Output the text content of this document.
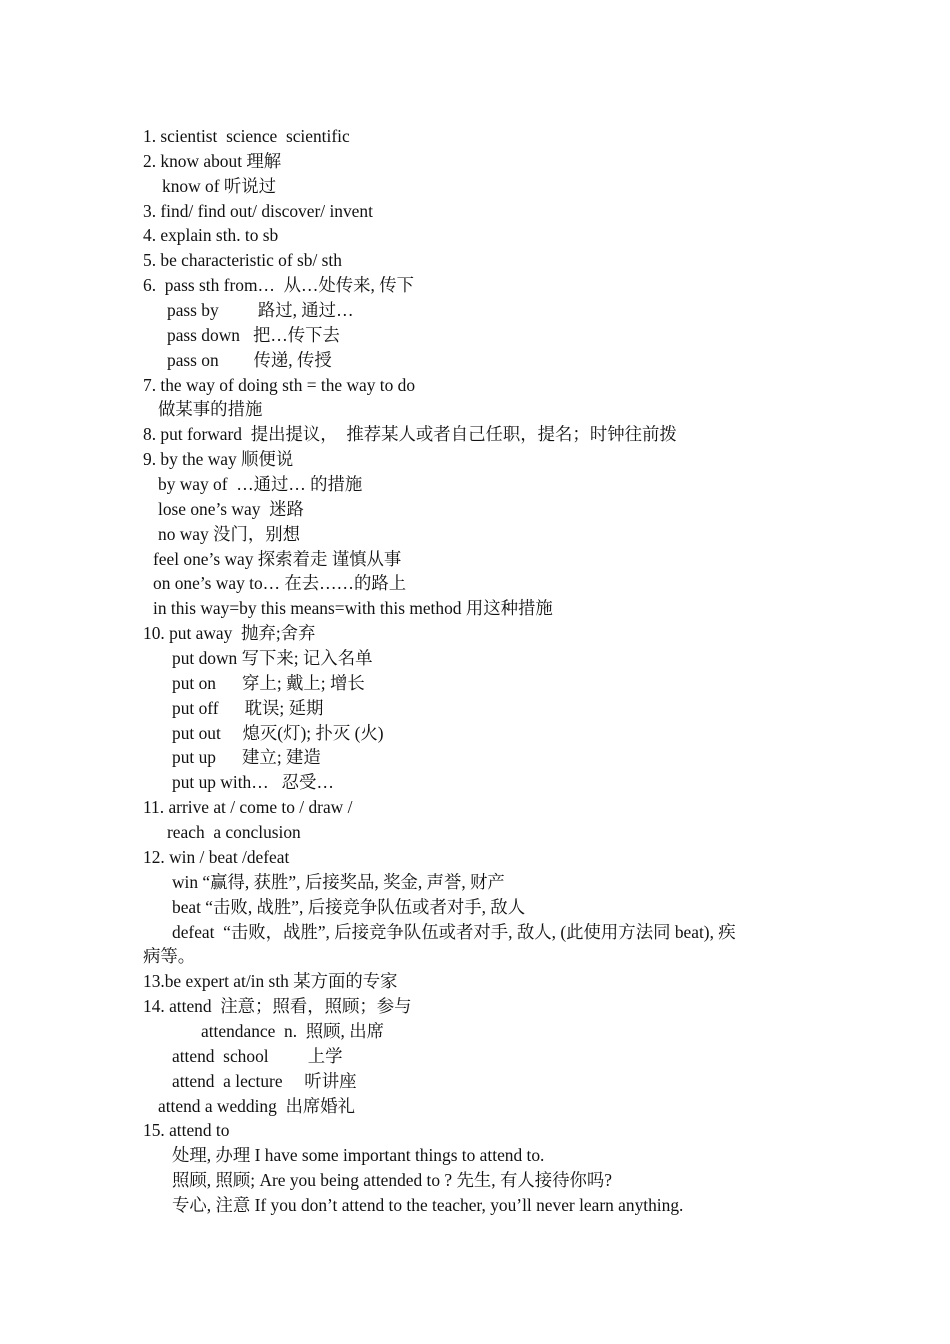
1. scientist  science  scientific
2. know about 理解
know of 听说过
3. find/ find out/ discover/ invent
4. explain sth. to sb
5. be characteristic of sb/ sth
6.  pass sth from…  从…处传来, 传下
pass by         路过, 通过…
pass down   把…传下去
pass on        传递, 传授
7. the way of doing sth = the way to do
做某事的措施
8. put forward  提出提议，  推荐某人或者自己任职，提名；时钟往前拨
9. by the way 顺便说
by way of  …通过… 的措施
lose one’s way  迷路
no way 没门，别想
feel one’s way 探索着走 谨慎从事
on one’s way to… 在去……的路上
in this way=by this means=with this method 用这种措施
10. put away  抛弃;舍弃
put down 写下来; 记入名单
put on      穿上; 戴上; 增长
put off      耽误; 延期
put out     熄灭(灯); 扑灭 (火)
put up      建立; 建造
put up with…   忍受…
11. arrive at / come to / draw /
reach  a conclusion
12. win / beat /defeat
win “赢得, 获胜”, 后接奖品, 奖金, 声誉, 财产
beat “击败, 战胜”, 后接竞争队伍或者对手, 敌人
defeat  “击败，战胜”, 后接竞争队伍或者对手, 敌人, (此使用方法同 beat), 疾
病等。
13.be expert at/in sth 某方面的专家
14. attend  注意；照看，照顾；参与
attendance  n.  照顾, 出席
attend  school         上学
attend  a lecture     听讲座
attend a wedding  出席婚礼
15. attend to
处理, 办理 I have some important things to attend to.
照顾, 照顾; Are you being attended to ? 先生, 有人接待你吗?
专心, 注意 If you don’t attend to the teacher, you’ll never learn anything.
